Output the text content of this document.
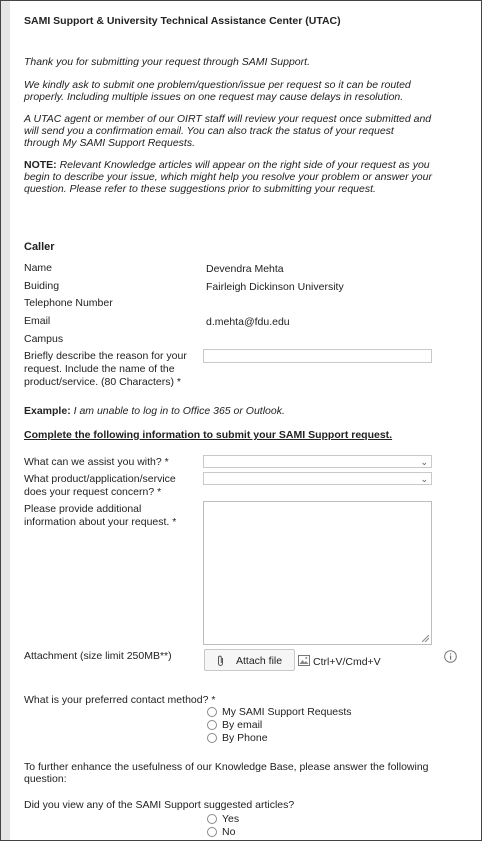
SAMI Support & University Technical Assistance Center (UTAC)
Thank you for submitting your request through SAMI Support.
We kindly ask to submit one problem/question/issue per request so it can be routed
properly. Including multiple issues on one request may cause delays in resolution.
A UTAC agent or member of our OIRT staff will review your request once submitted and
will send you a confirmation email. You can also track the status of your request
through My SAMI Support Requests.
NOTE: Relevant Knowledge articles will appear on the right side of your request as you
begin to describe your issue, which might help you resolve your problem or answer your
question. Please refer to these suggestions prior to submitting your request.
Caller
Name	Devendra Mehta
Buiding	Fairleigh Dickinson University
Telephone Number
Email	d.mehta@fdu.edu
Campus
Briefly describe the reason for your
request. Include the name of the
product/service. (80 Characters) *
Example: I am unable to log in to Office 365 or Outlook.
Complete the following information to submit your SAMI Support request.
What can we assist you with? *	⌄
What product/application/service
does your request concern? *
⌄
Please provide additional
information about your request. *
Attachment (size limit 250MB**)	Attach file	Ctrl+V/Cmd+V
What is your preferred contact method? *
My SAMI Support Requests
By email
By Phone
To further enhance the usefulness of our Knowledge Base, please answer the following
question:
Did you view any of the SAMI Support suggested articles?
Yes
No
